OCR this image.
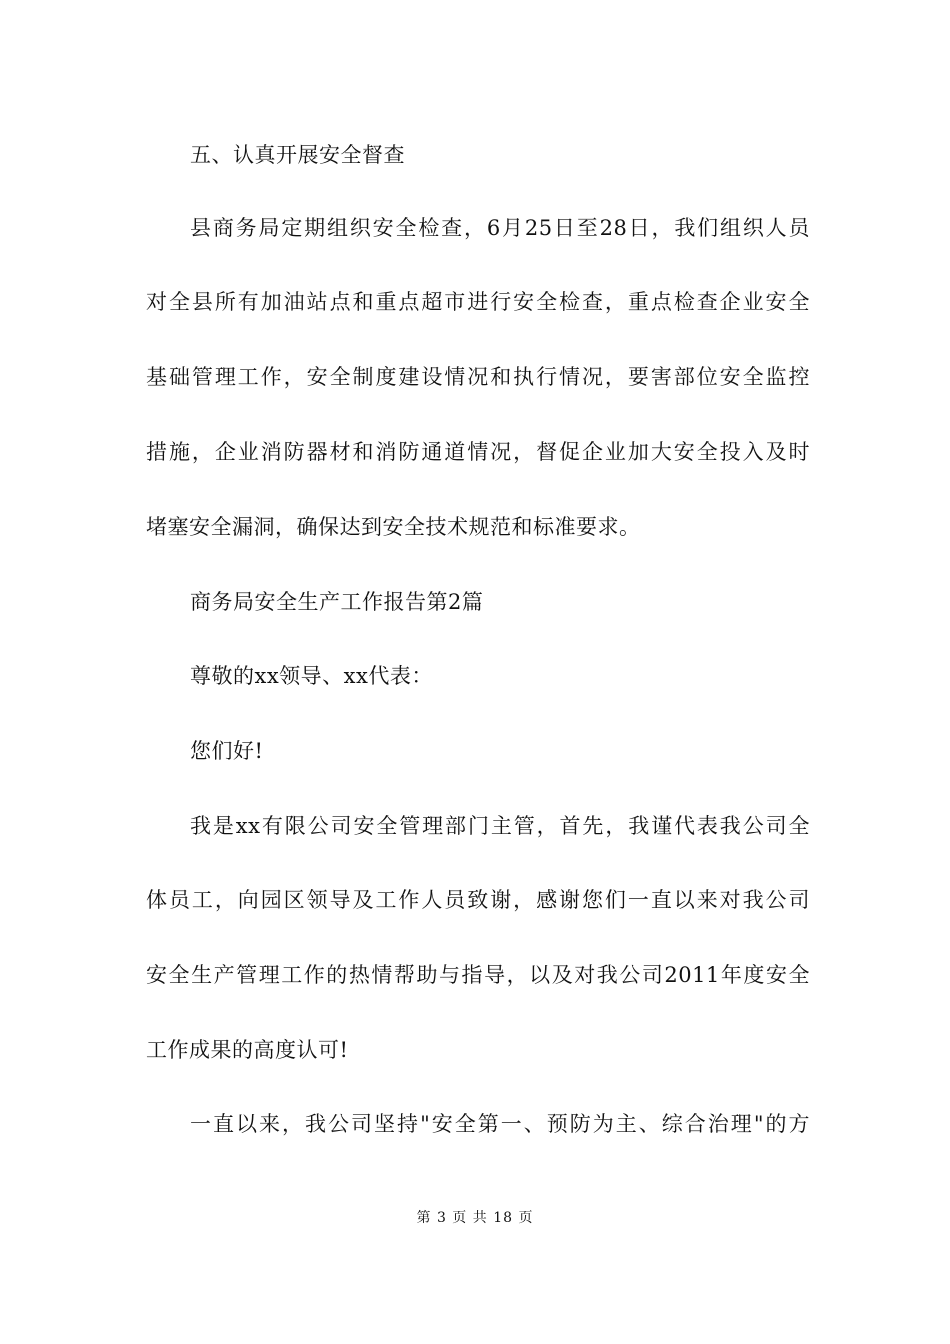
五、认真开展安全督查
县商务局定期组织安全检查，6月25日至28日，我们组织人员
对全县所有加油站点和重点超市进行安全检查，重点检查企业安全
基础管理工作，安全制度建设情况和执行情况，要害部位安全监控
措施，企业消防器材和消防通道情况，督促企业加大安全投入及时
堵塞安全漏洞，确保达到安全技术规范和标准要求。
商务局安全生产工作报告第2篇
尊敬的xx领导、xx代表：
您们好!
我是xx有限公司安全管理部门主管，首先，我谨代表我公司全
体员工，向园区领导及工作人员致谢，感谢您们一直以来对我公司
安全生产管理工作的热情帮助与指导，以及对我公司2011年度安全
工作成果的高度认可!
一直以来，我公司坚持"安全第一、预防为主、综合治理"的方
第 3 页 共 18 页
